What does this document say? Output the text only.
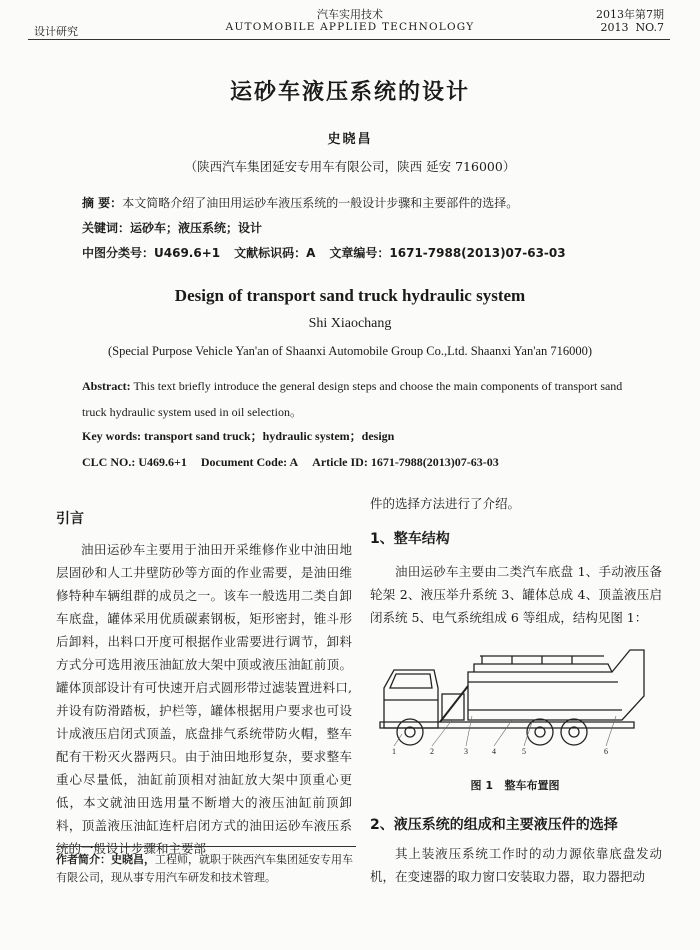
设计研究
汽车实用技术
AUTOMOBILE APPLIED TECHNOLOGY
2013年第7期
2013  NO.7
运砂车液压系统的设计
史晓昌
（陕西汽车集团延安专用车有限公司，陕西 延安 716000）
摘 要：本文简略介绍了油田用运砂车液压系统的一般设计步骤和主要部件的选择。
关键词：运砂车；液压系统；设计
中图分类号：U469.6+1 文献标识码：A 文章编号：1671-7988(2013)07-63-03
Design of transport sand truck hydraulic system
Shi Xiaochang
(Special Purpose Vehicle Yan'an of Shaanxi Automobile Group Co.,Ltd. Shaanxi Yan'an 716000)
Abstract: This text briefly introduce the general design steps and choose the main components of transport sand truck hydraulic system used in oil selection。
Key words: transport sand truck；hydraulic system；design
CLC NO.: U469.6+1 Document Code: A Article ID: 1671-7988(2013)07-63-03
引言

油田运砂车主要用于油田开采维修作业中油田地层固砂和人工井壁防砂等方面的作业需要，是油田维修特种车辆组群的成员之一。该车一般选用二类自卸车底盘，罐体采用优质碳素钢板，矩形密封，锥斗形后卸料，出料口开度可根据作业需要进行调节，卸料方式分可选用液压油缸放大架中顶或液压油缸前顶。罐体顶部设计有可快速开启式圆形带过滤装置进料口,并设有防滑踏板，护栏等，罐体根据用户要求也可设计成液压启闭式顶盖，底盘排气系统带防火帽，整车配有干粉灭火器两只。由于油田地形复杂，要求整车重心尽量低，油缸前顶相对油缸放大架中顶重心更低，本文就油田选用量不断增大的液压油缸前顶卸料，顶盖液压油缸连杆启闭方式的油田运砂车液压系统的一般设计步骤和主要部

作者简介：史晓昌，工程师，就职于陕西汽车集团延安专用车有限公司，现从事专用汽车研发和技术管理。

件的选择方法进行了介绍。

1、整车结构

油田运砂车主要由二类汽车底盘 1、手动液压备轮架 2、液压举升系统 3、罐体总成 4、顶盖液压启闭系统 5、电气系统组成 6 等组成，结构见图 1：

1	2	3	4	5	6
图 1   整车布置图
2、液压系统的组成和主要液压件的选择

其上装液压系统工作时的动力源依靠底盘发动机，在变速器的取力窗口安装取力器，取力器把动
